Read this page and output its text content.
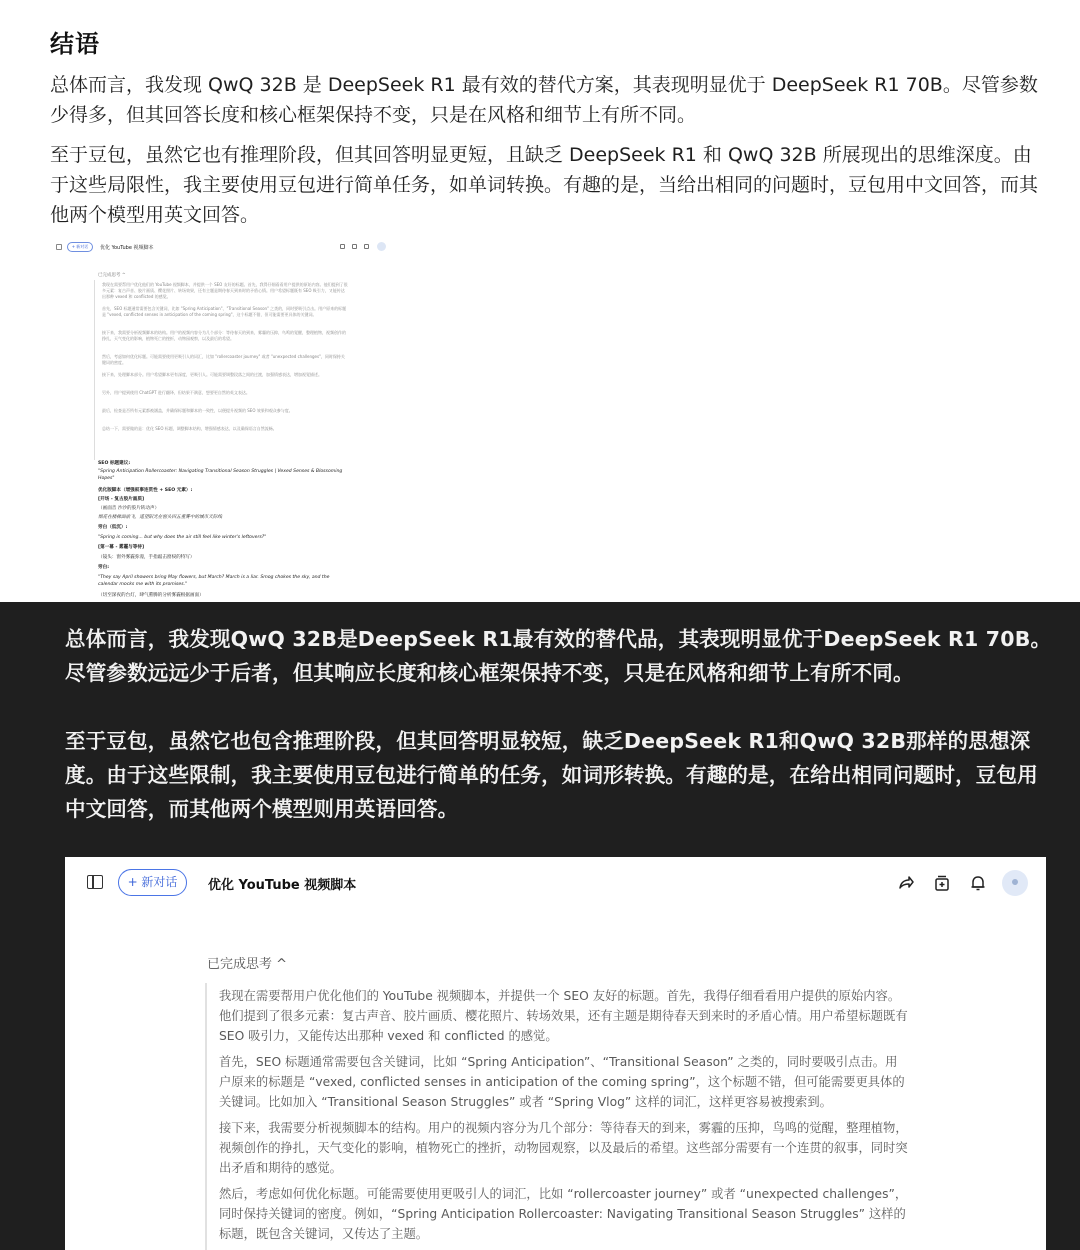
结语

总体而言，我发现 QwQ 32B 是 DeepSeek R1 最有效的替代方案，其表现明显优于 DeepSeek R1 70B。尽管参数少得多，但其回答长度和核心框架保持不变，只是在风格和细节上有所不同。

至于豆包，虽然它也有推理阶段，但其回答明显更短，且缺乏 DeepSeek R1 和 QwQ 32B 所展现出的思维深度。由于这些局限性，我主要使用豆包进行简单任务，如单词转换。有趣的是，当给出相同的问题时，豆包用中文回答，而其他两个模型用英文回答。

+ 新对话	优化 YouTube 视频脚本
已完成思考 ^
我现在需要帮用户优化他们的 YouTube 视频脚本，并提供一个 SEO 友好的标题。首先，我得仔细看看用户提供的原始内容。他们提到了很多元素：复古声音、胶片画质、樱花照片、转场效果，还有主题是期待春天到来时的矛盾心情。用户希望标题既有 SEO 吸引力，又能传达出那种 vexed 和 conflicted 的感觉。
首先，SEO 标题通常需要包含关键词，比如 "Spring Anticipation"、"Transitional Season" 之类的，同时要吸引点击。用户原来的标题是 "vexed, conflicted senses in anticipation of the coming spring"，这个标题不错，但可能需要更具体的关键词。
接下来，我需要分析视频脚本的结构。用户的视频内容分为几个部分：等待春天的到来，雾霾的压抑，鸟鸣的觉醒，整理植物，视频创作的挣扎，天气变化的影响，植物死亡的挫折，动物园观察，以及最后的希望。
然后，考虑如何优化标题。可能需要使用更吸引人的词汇，比如 "rollercoaster journey" 或者 "unexpected challenges"，同时保持关键词的密度。
接下来，处理脚本部分。用户希望脚本更有深度，更吸引人。可能需要调整段落之间的过渡，加强情感表达，增加视觉描述。
另外，用户提到使用 ChatGPT 进行翻译，但结果不满意，想要更自然的英文表达。
最后，检查是否所有元素都被涵盖，并确保标题和脚本的一致性，以便提升视频的 SEO 效果和观众参与度。
总结一下，需要做的是：优化 SEO 标题，调整脚本结构，增强情感表达，以及确保语言自然流畅。
SEO 标题建议:
"Spring Anticipation Rollercoaster: Navigating Transitional Season Struggles | Vexed Senses & Blossoming Hopes"
优化版脚本（增强叙事连贯性 + SEO 元素）:
[开场 - 复古胶片画质]
（画面音 沙沙的胶片转动声）
烟花在楼梯面前飞，遥望阳光在窗头四五重雾中的城市天际线
旁白（低沉）:
"Spring is coming... but why does the air still feel like winter's leftovers?"
[第一幕 - 雾霾与等待]
（镜头：窗外雾霾弥漫，手指敲击窗棂的特写）
旁白:
"They say April showers bring May flowers, but March? March is a liar. Smog chokes the sky, and the calendar mocks me with its promises."
（切至深夜的台灯，肆气熏腾的分析雾霾根据画面）

总体而言，我发现QwQ 32B是DeepSeek R1最有效的替代品，其表现明显优于DeepSeek R1 70B。尽管参数远远少于后者，但其响应长度和核心框架保持不变，只是在风格和细节上有所不同。

至于豆包，虽然它也包含推理阶段，但其回答明显较短，缺乏DeepSeek R1和QwQ 32B那样的思想深度。由于这些限制，我主要使用豆包进行简单的任务，如词形转换。有趣的是，在给出相同问题时，豆包用中文回答，而其他两个模型则用英语回答。

+ 新对话	优化 YouTube 视频脚本
已完成思考 ^
我现在需要帮用户优化他们的 YouTube 视频脚本，并提供一个 SEO 友好的标题。首先，我得仔细看看用户提供的原始内容。他们提到了很多元素：复古声音、胶片画质、樱花照片、转场效果，还有主题是期待春天到来时的矛盾心情。用户希望标题既有 SEO 吸引力，又能传达出那种 vexed 和 conflicted 的感觉。
首先，SEO 标题通常需要包含关键词，比如 “Spring Anticipation”、“Transitional Season” 之类的，同时要吸引点击。用户原来的标题是 “vexed, conflicted senses in anticipation of the coming spring”，这个标题不错，但可能需要更具体的关键词。比如加入 “Transitional Season Struggles” 或者 “Spring Vlog” 这样的词汇，这样更容易被搜索到。
接下来，我需要分析视频脚本的结构。用户的视频内容分为几个部分：等待春天的到来，雾霾的压抑，鸟鸣的觉醒，整理植物，视频创作的挣扎，天气变化的影响，植物死亡的挫折，动物园观察，以及最后的希望。这些部分需要有一个连贯的叙事，同时突出矛盾和期待的感觉。
然后，考虑如何优化标题。可能需要使用更吸引人的词汇，比如 “rollercoaster journey” 或者 “unexpected challenges”，同时保持关键词的密度。例如，“Spring Anticipation Rollercoaster: Navigating Transitional Season Struggles” 这样的标题，既包含关键词，又传达了主题。
